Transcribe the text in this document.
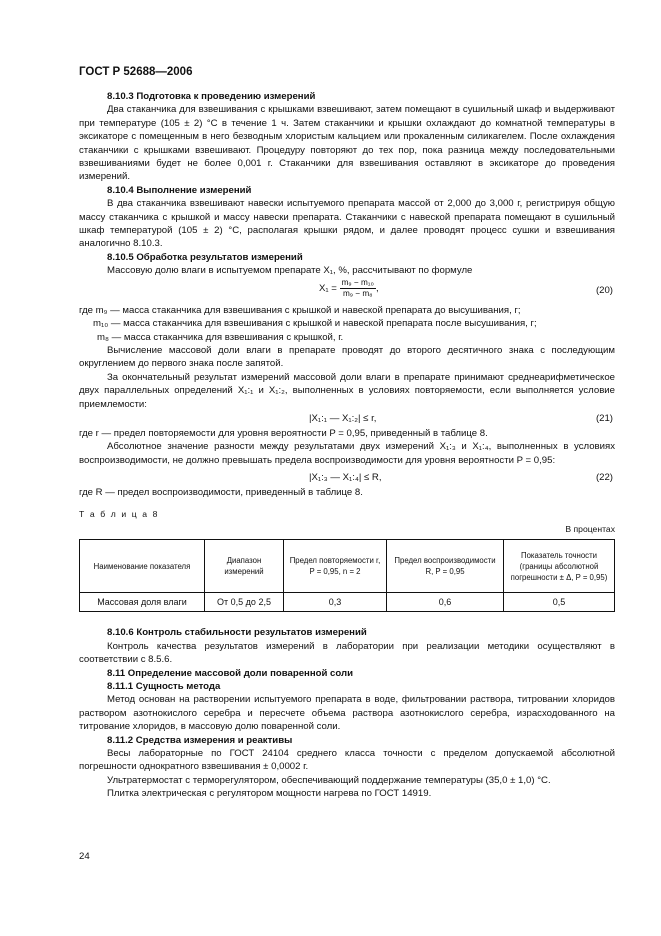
ГОСТ Р 52688—2006

8.10.3 Подготовка к проведению измерений

Два стаканчика для взвешивания с крышками взвешивают, затем помещают в сушильный шкаф и выдерживают при температуре (105 ± 2) °С в течение 1 ч. Затем стаканчики и крышки охлаждают до комнатной температуры в эксикаторе с помещенным в него безводным хлористым кальцием или прокаленным силикагелем. После охлаждения стаканчики с крышками взвешивают. Процедуру повторяют до тех пор, пока разница между последовательными взвешиваниями будет не более 0,001 г. Стаканчики для взвешивания оставляют в эксикаторе до проведения измерений.

8.10.4 Выполнение измерений

В два стаканчика взвешивают навески испытуемого препарата массой от 2,000 до 3,000 г, регистрируя общую массу стаканчика с крышкой и массу навески препарата. Стаканчики с навеской препарата помещают в сушильный шкаф температурой (105 ± 2) °С, располагая крышки рядом, и далее проводят процесс сушки и взвешивания аналогично 8.10.3.

8.10.5 Обработка результатов измерений

Массовую долю влаги в испытуемом препарате X₁, %, рассчитывают по формуле

$X_1 = \frac{\text{m₉ − m₁₀}}{\text{m₉ − m₈}}$ ,	(20)
где m₉ — масса стаканчика для взвешивания с крышкой и навеской препарата до высушивания, г;
m₁₀ — масса стаканчика для взвешивания с крышкой и навеской препарата после высушивания, г;
m₈ — масса стаканчика для взвешивания с крышкой, г.

Вычисление массовой доли влаги в препарате проводят до второго десятичного знака с последующим округлением до первого знака после запятой.

За окончательный результат измерений массовой доли влаги в препарате принимают среднеарифметическое двух параллельных определений X₁:₁ и X₁:₂, выполненных в условиях повторяемости, если выполняется условие приемлемости:

|X₁:₁ — X₁:₂| ≤ r,	(21)

где r — предел повторяемости для уровня вероятности P = 0,95, приведенный в таблице 8.

Абсолютное значение разности между результатами двух измерений X₁:₃ и X₁:₄, выполненных в условиях воспроизводимости, не должно превышать предела воспроизводимости для уровня вероятности P = 0,95:

|X₁:₃ — X₁:₄| ≤ R,	(22)

где R — предел воспроизводимости, приведенный в таблице 8.

Т а б л и ц а 8
В процентах
Наименование показателя	Диапазон измерений	Предел повторяемости r, P = 0,95, n = 2	Предел воспроизводимости R, P = 0,95	Показатель точности (границы абсолютной погрешности ± Δ, P = 0,95)
Массовая доля влаги	От 0,5 до 2,5	0,3	0,6	0,5

8.10.6 Контроль стабильности результатов измерений

Контроль качества результатов измерений в лаборатории при реализации методики осуществляют в соответствии с 8.5.6.

8.11 Определение массовой доли поваренной соли

8.11.1 Сущность метода

Метод основан на растворении испытуемого препарата в воде, фильтровании раствора, титровании хлоридов раствором азотнокислого серебра и пересчете объема раствора азотнокислого серебра, израсходованного на титрование хлоридов, в массовую долю поваренной соли.

8.11.2 Средства измерения и реактивы

Весы лабораторные по ГОСТ 24104 среднего класса точности с пределом допускаемой абсолютной погрешности однократного взвешивания ± 0,0002 г.

Ультратермостат с терморегулятором, обеспечивающий поддержание температуры (35,0 ± 1,0) °С.

Плитка электрическая с регулятором мощности нагрева по ГОСТ 14919.

24
